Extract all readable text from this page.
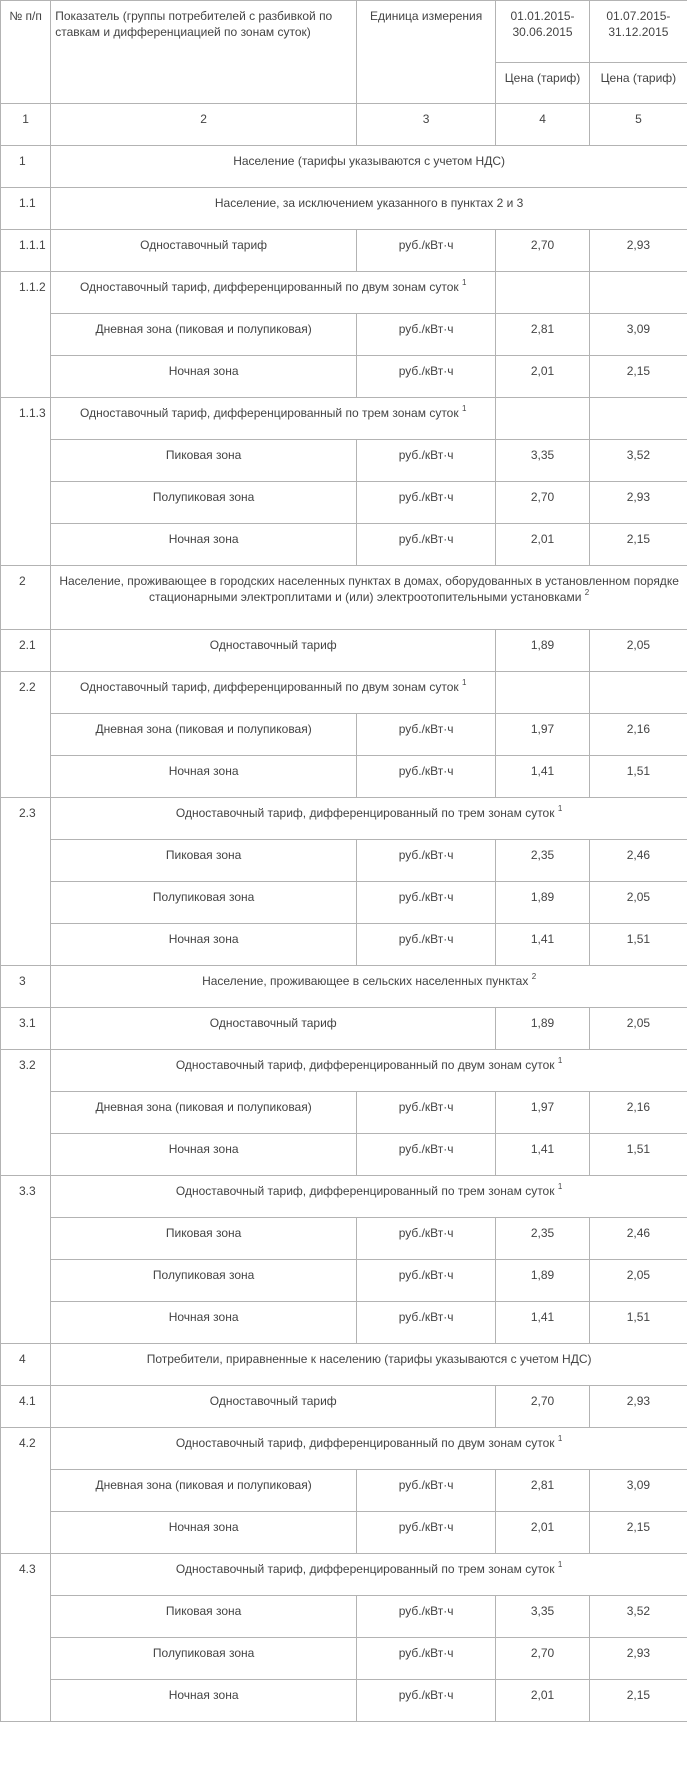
№ п/п	Показатель (группы потребителей с разбивкой по ставкам и дифференциацией по зонам суток)	Единица измерения	01.01.2015-30.06.2015	01.07.2015-31.12.2015
			Цена (тариф)	Цена (тариф)
1	2	3	4	5
1	Население (тарифы указываются с учетом НДС)			
1.1	Население, за исключением указанного в пунктах 2 и 3			
1.1.1	Одноставочный тариф	руб./кВт·ч	2,70	2,93
1.1.2	Одноставочный тариф, дифференцированный по двум зонам суток $^1$		
	Дневная зона (пиковая и полупиковая)	руб./кВт·ч	2,81	3,09
	Ночная зона	руб./кВт·ч	2,01	2,15
1.1.3	Одноставочный тариф, дифференцированный по трем зонам суток $^1$		
	Пиковая зона	руб./кВт·ч	3,35	3,52
	Полупиковая зона	руб./кВт·ч	2,70	2,93
	Ночная зона	руб./кВт·ч	2,01	2,15
2	Население, проживающее в городских населенных пунктах в домах, оборудованных в установленном порядке стационарными электроплитами и (или) электроотопительными установками $^2$
2.1	Одноставочный тариф		1,89	2,05
2.2	Одноставочный тариф, дифференцированный по двум зонам суток $^1$		
	Дневная зона (пиковая и полупиковая)	руб./кВт·ч	1,97	2,16
	Ночная зона	руб./кВт·ч	1,41	1,51
2.3	Одноставочный тариф, дифференцированный по трем зонам суток $^1$
	Пиковая зона	руб./кВт·ч	2,35	2,46
	Полупиковая зона	руб./кВт·ч	1,89	2,05
	Ночная зона	руб./кВт·ч	1,41	1,51
3	Население, проживающее в сельских населенных пунктах $^2$
3.1	Одноставочный тариф		1,89	2,05
3.2	Одноставочный тариф, дифференцированный по двум зонам суток $^1$
	Дневная зона (пиковая и полупиковая)	руб./кВт·ч	1,97	2,16
	Ночная зона	руб./кВт·ч	1,41	1,51
3.3	Одноставочный тариф, дифференцированный по трем зонам суток $^1$
	Пиковая зона	руб./кВт·ч	2,35	2,46
	Полупиковая зона	руб./кВт·ч	1,89	2,05
	Ночная зона	руб./кВт·ч	1,41	1,51
4	Потребители, приравненные к населению (тарифы указываются с учетом НДС)			
4.1	Одноставочный тариф		2,70	2,93
4.2	Одноставочный тариф, дифференцированный по двум зонам суток $^1$
	Дневная зона (пиковая и полупиковая)	руб./кВт·ч	2,81	3,09
	Ночная зона	руб./кВт·ч	2,01	2,15
4.3	Одноставочный тариф, дифференцированный по трем зонам суток $^1$
	Пиковая зона	руб./кВт·ч	3,35	3,52
	Полупиковая зона	руб./кВт·ч	2,70	2,93
	Ночная зона	руб./кВт·ч	2,01	2,15
